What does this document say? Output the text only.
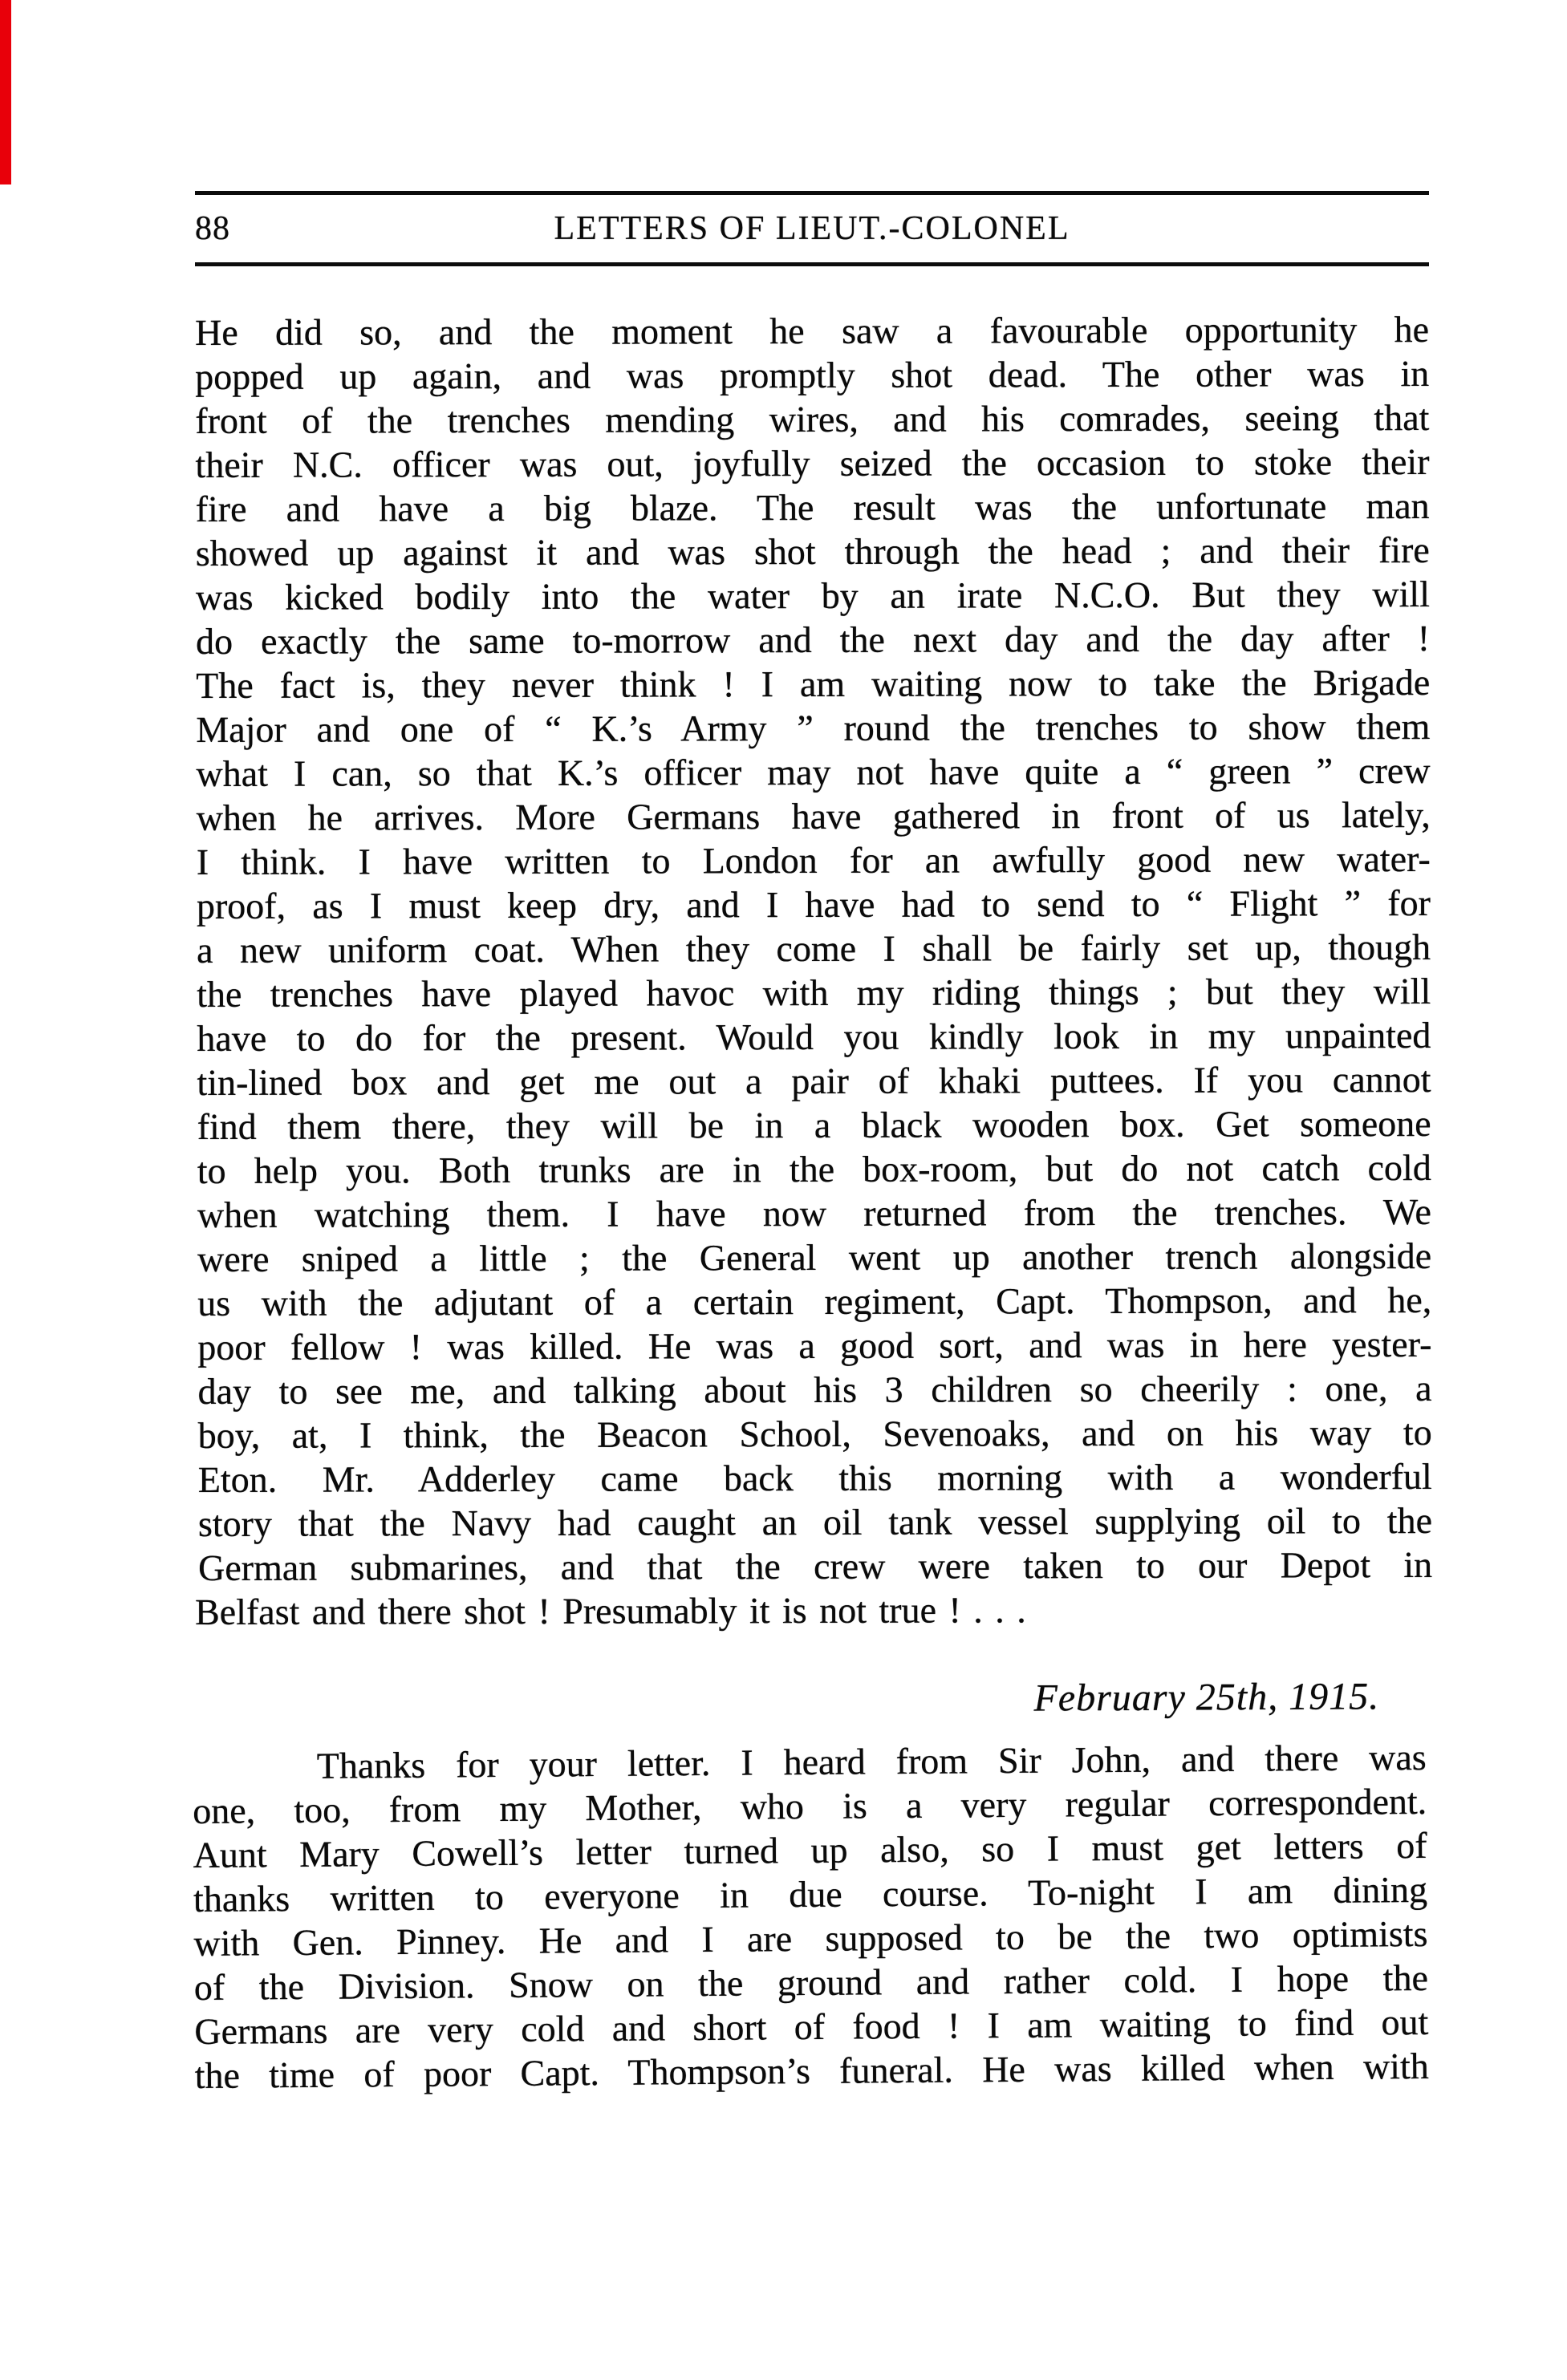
88	LETTERS OF LIEUT.-COLONEL
He did so, and the moment he saw a favourable opportunity he
popped up again, and was promptly shot dead. The other was in
front of the trenches mending wires, and his comrades, seeing that
their N.C. officer was out, joyfully seized the occasion to stoke their
fire and have a big blaze. The result was the unfortunate man
showed up against it and was shot through the head ; and their fire
was kicked bodily into the water by an irate N.C.O. But they will
do exactly the same to-morrow and the next day and the day after !
The fact is, they never think ! I am waiting now to take the Brigade
Major and one of “ K.’s Army ” round the trenches to show them
what I can, so that K.’s officer may not have quite a “ green ” crew
when he arrives. More Germans have gathered in front of us lately,
I think. I have written to London for an awfully good new water-
proof, as I must keep dry, and I have had to send to “ Flight ” for
a new uniform coat. When they come I shall be fairly set up, though
the trenches have played havoc with my riding things ; but they will
have to do for the present. Would you kindly look in my unpainted
tin-lined box and get me out a pair of khaki puttees. If you cannot
find them there, they will be in a black wooden box. Get someone
to help you. Both trunks are in the box-room, but do not catch cold
when watching them. I have now returned from the trenches. We
were sniped a little ; the General went up another trench alongside
us with the adjutant of a certain regiment, Capt. Thompson, and he,
poor fellow ! was killed. He was a good sort, and was in here yester-
day to see me, and talking about his 3 children so cheerily : one, a
boy, at, I think, the Beacon School, Sevenoaks, and on his way to
Eton. Mr. Adderley came back this morning with a wonderful
story that the Navy had caught an oil tank vessel supplying oil to the
German submarines, and that the crew were taken to our Depot in
Belfast and there shot ! Presumably it is not true ! . . .
February 25th, 1915.
Thanks for your letter. I heard from Sir John, and there was
one, too, from my Mother, who is a very regular correspondent.
Aunt Mary Cowell’s letter turned up also, so I must get letters of
thanks written to everyone in due course. To-night I am dining
with Gen. Pinney. He and I are supposed to be the two optimists
of the Division. Snow on the ground and rather cold. I hope the
Germans are very cold and short of food ! I am waiting to find out
the time of poor Capt. Thompson’s funeral. He was killed when with
